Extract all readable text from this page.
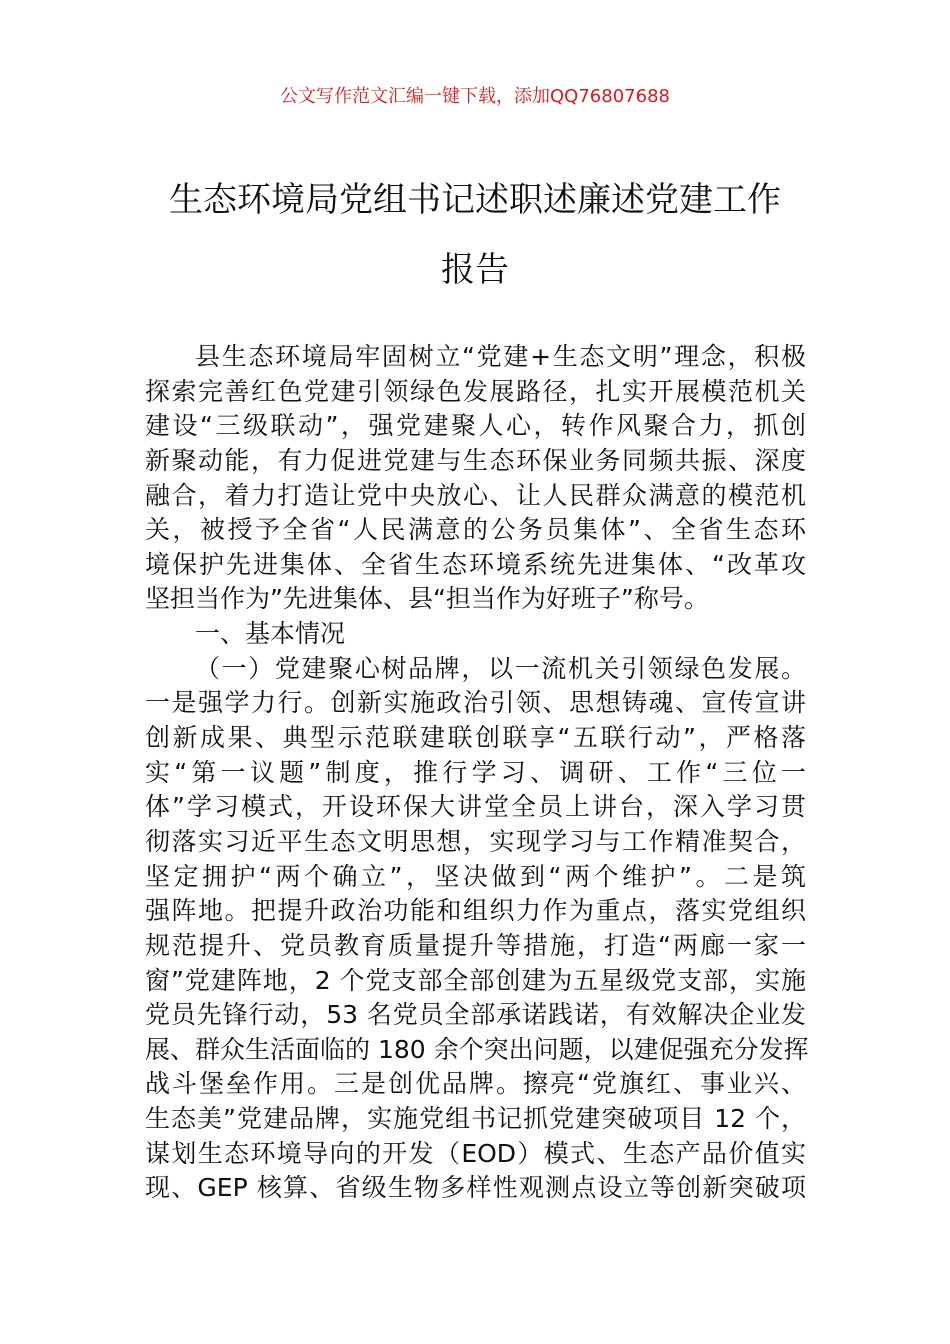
公文写作范文汇编一键下载，添加QQ76807688
生态环境局党组书记述职述廉述党建工作
报告
县生态环境局牢固树立“党建+生态文明”理念，积极
探索完善红色党建引领绿色发展路径，扎实开展模范机关
建设“三级联动”，强党建聚人心，转作风聚合力，抓创
新聚动能，有力促进党建与生态环保业务同频共振、深度
融合，着力打造让党中央放心、让人民群众满意的模范机
关，被授予全省“人民满意的公务员集体”、全省生态环
境保护先进集体、全省生态环境系统先进集体、“改革攻
坚担当作为”先进集体、县“担当作为好班子”称号。
一、基本情况
（一）党建聚心树品牌，以一流机关引领绿色发展。
一是强学力行。创新实施政治引领、思想铸魂、宣传宣讲
创新成果、典型示范联建联创联享“五联行动”，严格落
实“第一议题”制度，推行学习、调研、工作“三位一
体”学习模式，开设环保大讲堂全员上讲台，深入学习贯
彻落实习近平生态文明思想，实现学习与工作精准契合，
坚定拥护“两个确立”，坚决做到“两个维护”。二是筑
强阵地。把提升政治功能和组织力作为重点，落实党组织
规范提升、党员教育质量提升等措施，打造“两廊一家一
窗”党建阵地，2 个党支部全部创建为五星级党支部，实施
党员先锋行动，53 名党员全部承诺践诺，有效解决企业发
展、群众生活面临的 180 余个突出问题，以建促强充分发挥
战斗堡垒作用。三是创优品牌。擦亮“党旗红、事业兴、
生态美”党建品牌，实施党组书记抓党建突破项目 12 个，
谋划生态环境导向的开发（EOD）模式、生态产品价值实
现、GEP 核算、省级生物多样性观测点设立等创新突破项
